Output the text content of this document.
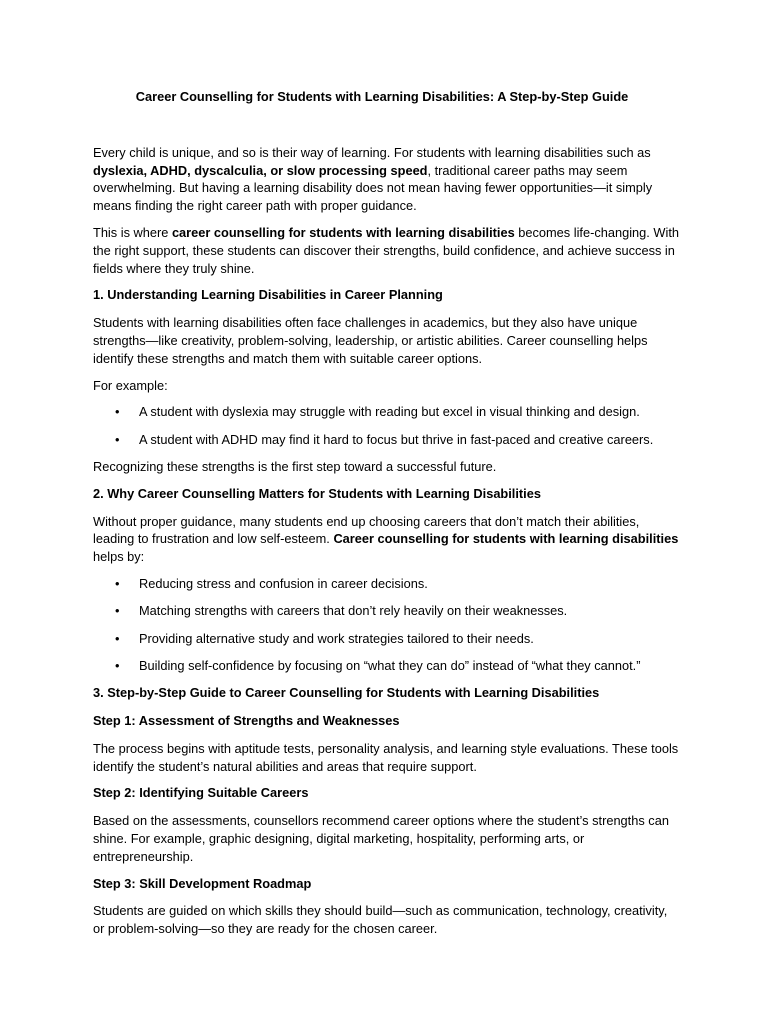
Career Counselling for Students with Learning Disabilities: A Step-by-Step Guide

Every child is unique, and so is their way of learning. For students with learning disabilities such as dyslexia, ADHD, dyscalculia, or slow processing speed, traditional career paths may seem overwhelming. But having a learning disability does not mean having fewer opportunities—it simply means finding the right career path with proper guidance.

This is where career counselling for students with learning disabilities becomes life-changing. With the right support, these students can discover their strengths, build confidence, and achieve success in fields where they truly shine.

1. Understanding Learning Disabilities in Career Planning

Students with learning disabilities often face challenges in academics, but they also have unique strengths—like creativity, problem-solving, leadership, or artistic abilities. Career counselling helps identify these strengths and match them with suitable career options.

For example:

• A student with dyslexia may struggle with reading but excel in visual thinking and design.
• A student with ADHD may find it hard to focus but thrive in fast-paced and creative careers.

Recognizing these strengths is the first step toward a successful future.

2. Why Career Counselling Matters for Students with Learning Disabilities

Without proper guidance, many students end up choosing careers that don’t match their abilities, leading to frustration and low self-esteem. Career counselling for students with learning disabilities helps by:

• Reducing stress and confusion in career decisions.
• Matching strengths with careers that don’t rely heavily on their weaknesses.
• Providing alternative study and work strategies tailored to their needs.
• Building self-confidence by focusing on “what they can do” instead of “what they cannot.”
3. Step-by-Step Guide to Career Counselling for Students with Learning Disabilities
Step 1: Assessment of Strengths and Weaknesses

The process begins with aptitude tests, personality analysis, and learning style evaluations. These tools identify the student’s natural abilities and areas that require support.

Step 2: Identifying Suitable Careers

Based on the assessments, counsellors recommend career options where the student’s strengths can shine. For example, graphic designing, digital marketing, hospitality, performing arts, or entrepreneurship.

Step 3: Skill Development Roadmap

Students are guided on which skills they should build—such as communication, technology, creativity, or problem-solving—so they are ready for the chosen career.
